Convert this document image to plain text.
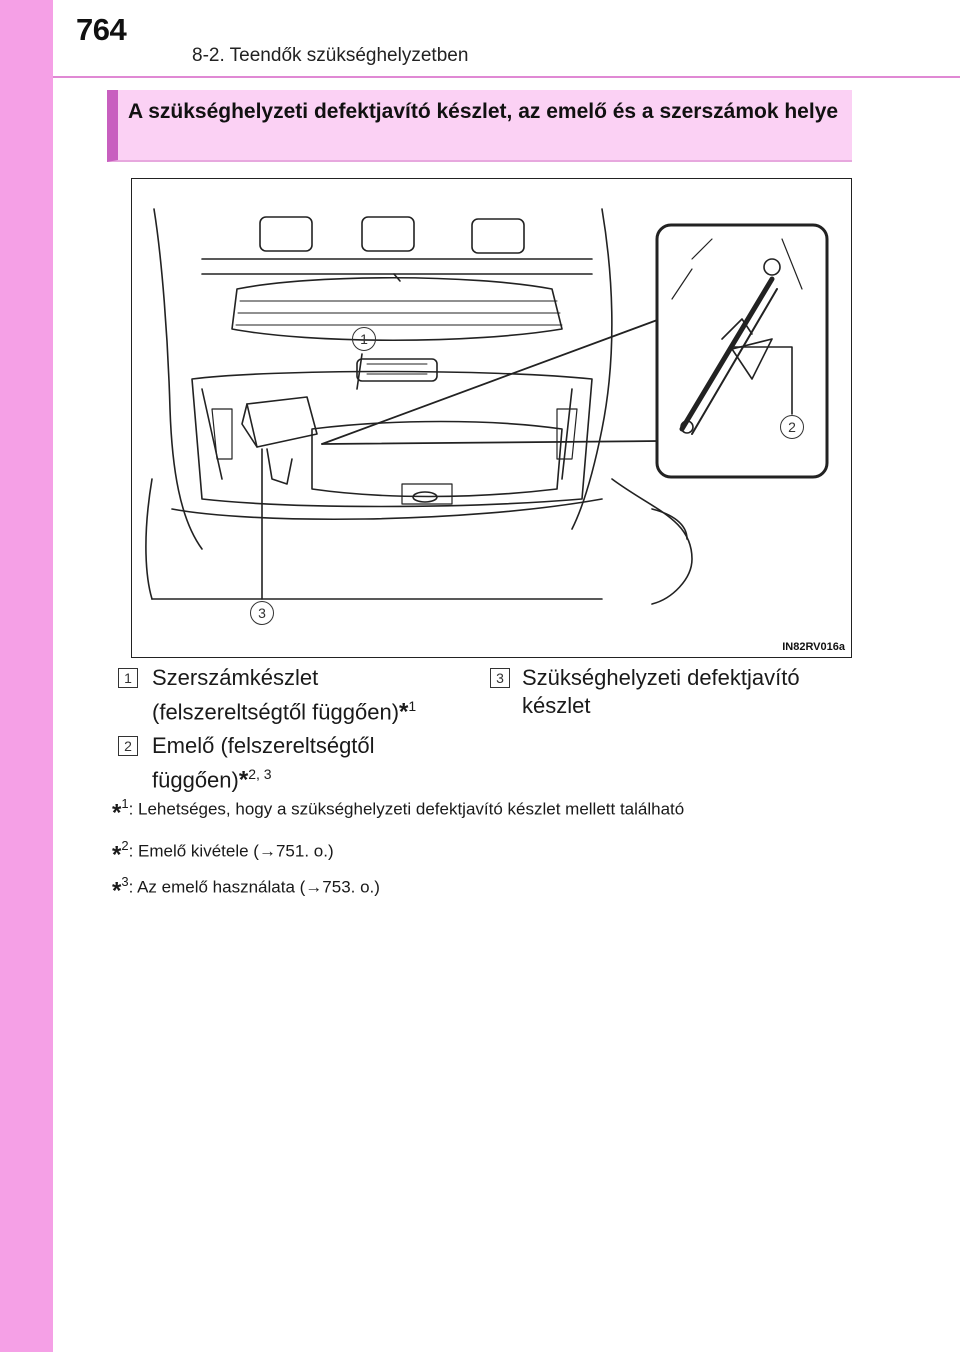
764
8-2. Teendők szükséghelyzetben
A szükséghelyzeti defektjavító készlet, az emelő és a szerszámok helye
1
2
3
IN82RV016a
1 Szerszámkészlet (felszereltségtől függően)*$^1$
2 Emelő (felszereltségtől függően)*$^{2, 3}$
3 Szükséghelyzeti defektjavító készlet
*$^1$: Lehetséges, hogy a szükséghelyzeti defektjavító készlet mellett található
*$^2$: Emelő kivétele (→751. o.)
*$^3$: Az emelő használata (→753. o.)
